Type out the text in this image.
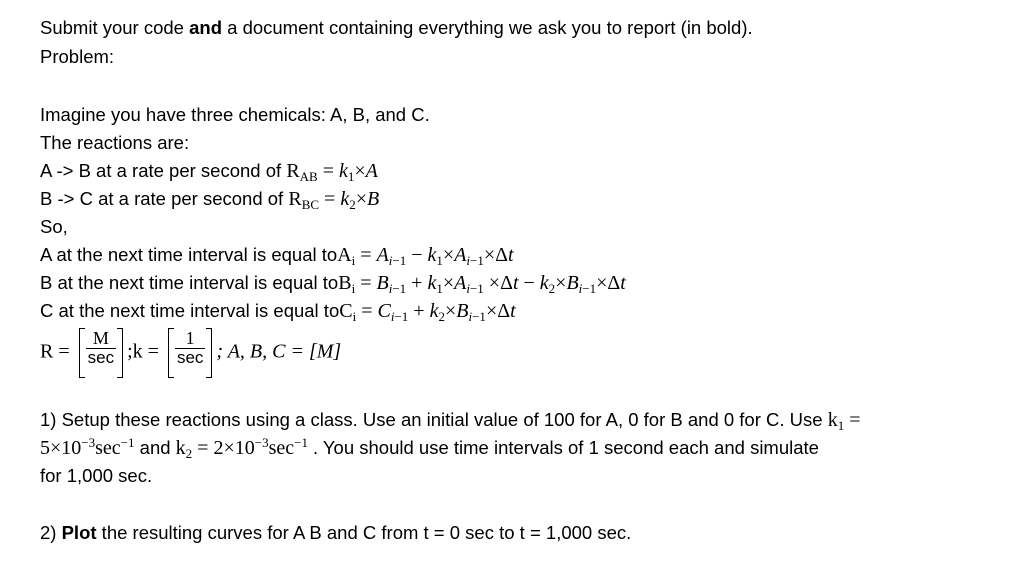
Submit your code and a document containing everything we ask you to report (in bold).
Problem:
Imagine you have three chemicals: A, B, and C.
The reactions are:
A -> B at a rate per second of $R_{AB} = k_1\times A$
B -> C at a rate per second of $R_{BC} = k_2\times B$
So,
A at the next time interval is equal $toA_i = A_{i-1} - k_1\times A_{i-1}\times\Delta t$
B at the next time interval is equal $toB_i = B_{i-1} + k_1\times A_{i-1} \times\Delta t - k_2\times B_{i-1}\times\Delta t$
C at the next time interval is equal $toC_i = C_{i-1} + k_2\times B_{i-1}\times\Delta t$
$R = \frac{M}{\sec}$ ;k = $\frac{1}{\sec}$ ; A, B, C = [M]
1) Setup these reactions using a class. Use an initial value of 100 for A, 0 for B and 0 for C. Use $k_1$ =
$5\times 10^{-3}\sec^{-1}$ and $k_2 = 2\times 10^{-3}\sec^{-1}$ . You should use time intervals of 1 second each and simulate
for 1,000 sec.
2) Plot the resulting curves for A B and C from t = 0 sec to t = 1,000 sec.
